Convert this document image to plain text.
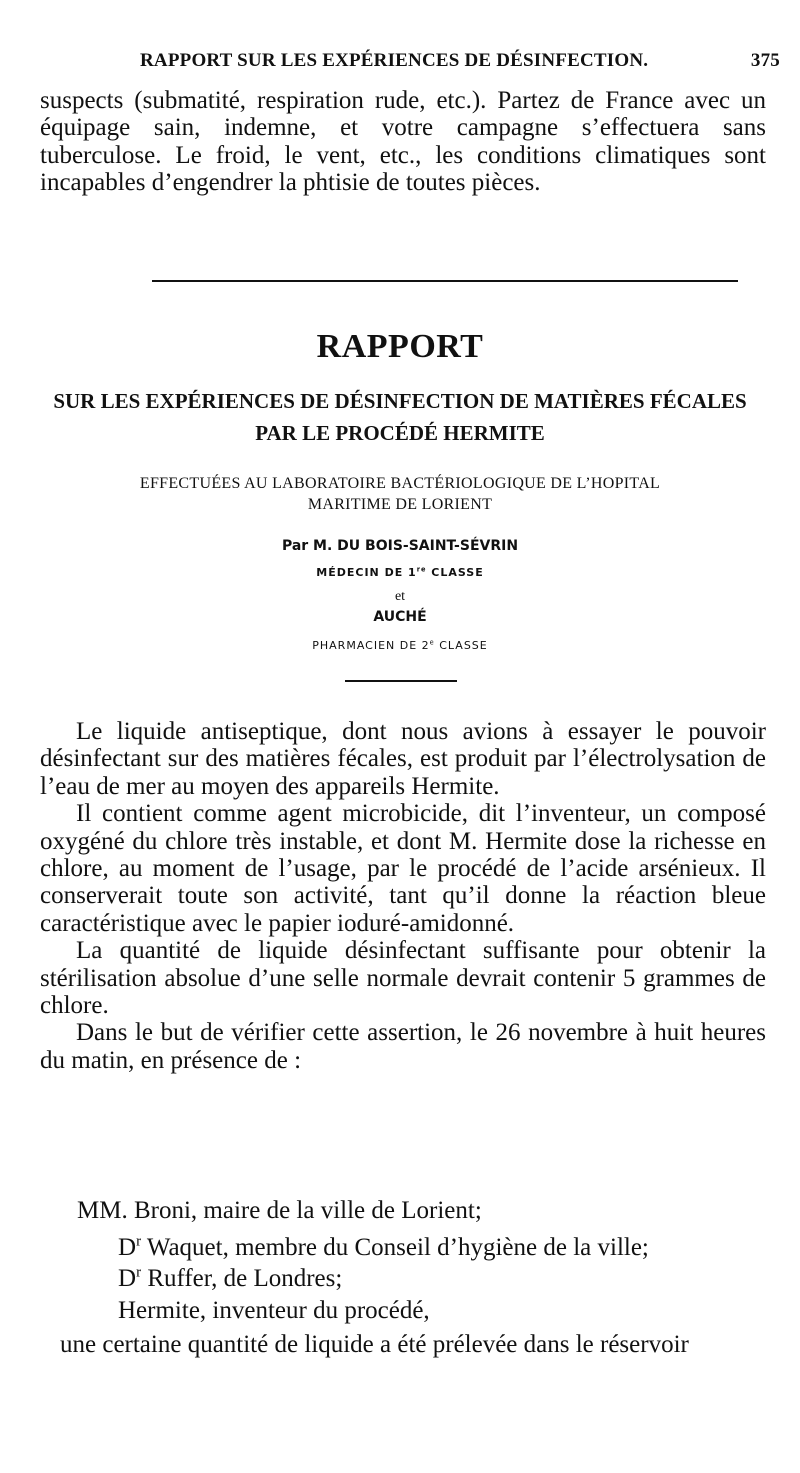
RAPPORT SUR LES EXPÉRIENCES DE DÉSINFECTION.	375

suspects (submatité, respiration rude, etc.). Partez de France avec un équipage sain, indemne, et votre campagne s’effectuera sans tuberculose. Le froid, le vent, etc., les conditions climatiques sont incapables d’engendrer la phtisie de toutes pièces.

RAPPORT
SUR LES EXPÉRIENCES DE DÉSINFECTION DE MATIÈRES FÉCALES
PAR LE PROCÉDÉ HERMITE
EFFECTUÉES AU LABORATOIRE BACTÉRIOLOGIQUE DE L’HOPITAL
MARITIME DE LORIENT
Par M. DU BOIS-SAINT-SÉVRIN
MÉDECIN DE 1re CLASSE
et
AUCHÉ
PHARMACIEN DE 2e CLASSE

Le liquide antiseptique, dont nous avions à essayer le pouvoir désinfectant sur des matières fécales, est produit par l’électrolysation de l’eau de mer au moyen des appareils Hermite.

Il contient comme agent microbicide, dit l’inventeur, un composé oxygéné du chlore très instable, et dont M. Hermite dose la richesse en chlore, au moment de l’usage, par le procédé de l’acide arsénieux. Il conserverait toute son activité, tant qu’il donne la réaction bleue caractéristique avec le papier ioduré-amidonné.

La quantité de liquide désinfectant suffisante pour obtenir la stérilisation absolue d’une selle normale devrait contenir 5 grammes de chlore.

Dans le but de vérifier cette assertion, le 26 novembre à huit heures du matin, en présence de :

MM. Broni, maire de la ville de Lorient;
$D^r$ Waquet, membre du Conseil d’hygiène de la ville;
$D^r$ Ruffer, de Londres;
Hermite, inventeur du procédé,
une certaine quantité de liquide a été prélevée dans le réservoir
